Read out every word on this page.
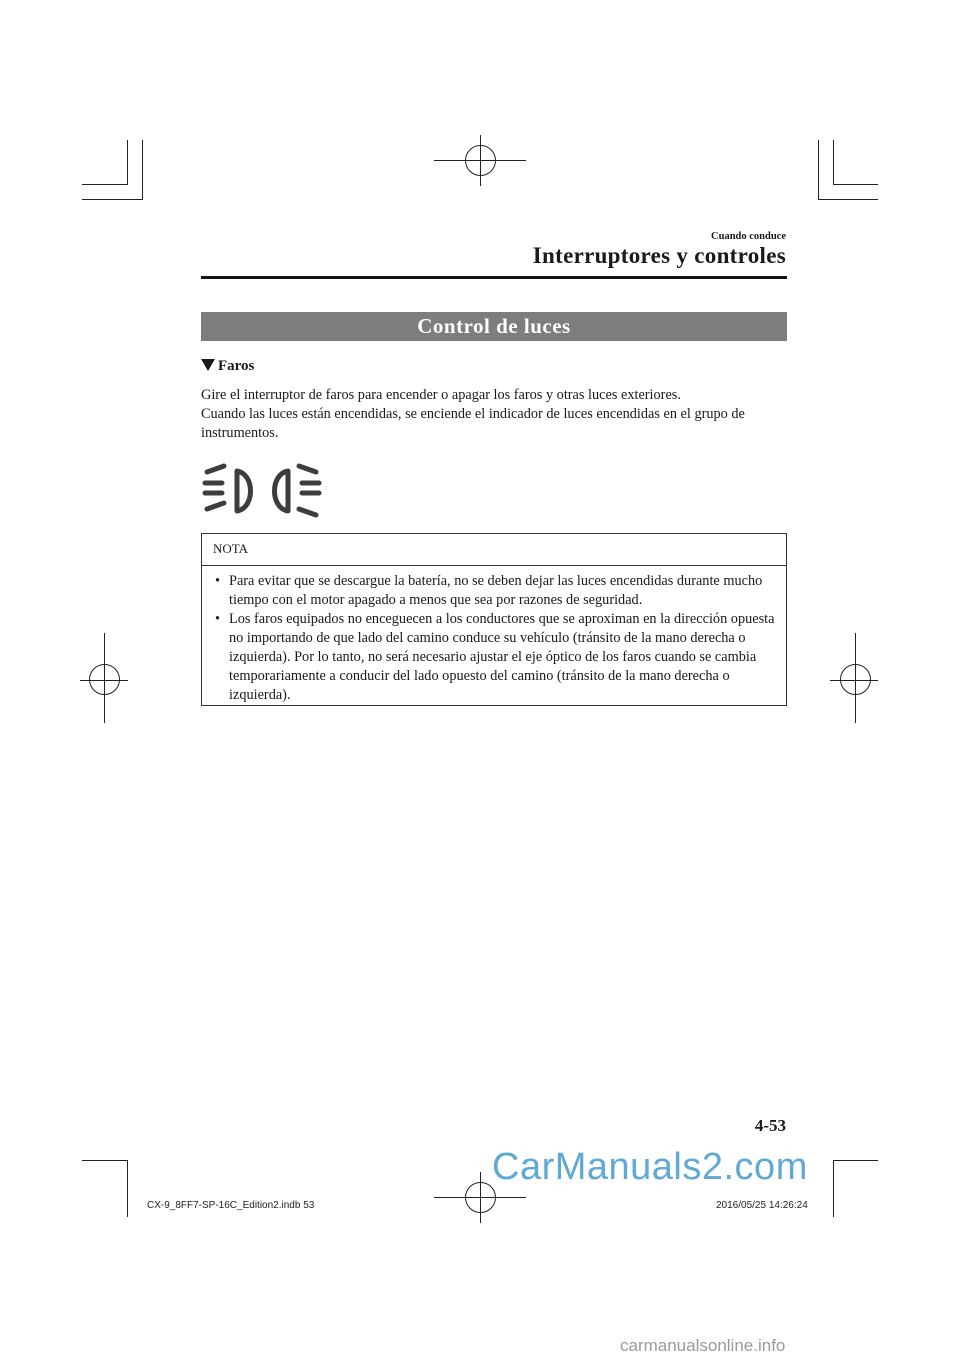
Cuando conduce
Interruptores y controles
Control de luces
Faros

Gire el interruptor de faros para encender o apagar los faros y otras luces exteriores.

Cuando las luces están encendidas, se enciende el indicador de luces encendidas en el grupo de instrumentos.

NOTA
• Para evitar que se descargue la batería, no se deben dejar las luces encendidas durante mucho tiempo con el motor apagado a menos que sea por razones de seguridad.
• Los faros equipados no enceguecen a los conductores que se aproximan en la dirección opuesta no importando de que lado del camino conduce su vehículo (tránsito de la mano derecha o izquierda). Por lo tanto, no será necesario ajustar el eje óptico de los faros cuando se cambia temporariamente a conducir del lado opuesto del camino (tránsito de la mano derecha o izquierda).
4-53
CarManuals2.com
CX-9_8FF7-SP-16C_Edition2.indb 53	2016/05/25 14:26:24
carmanualsonline.info
